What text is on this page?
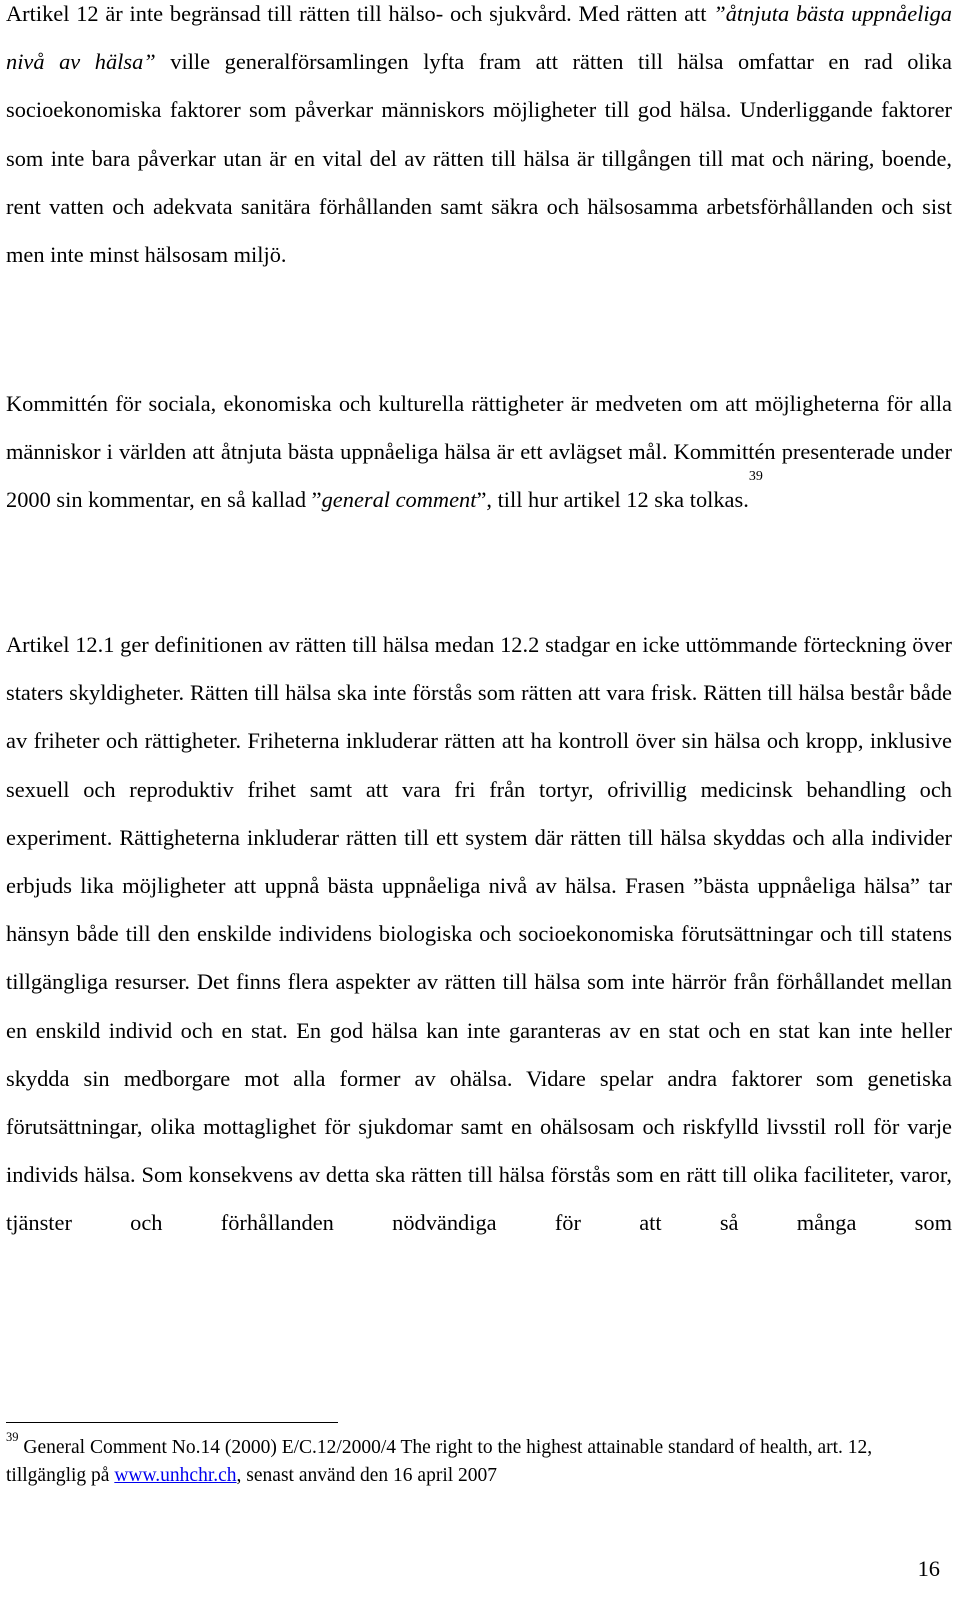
Artikel 12 är inte begränsad till rätten till hälso- och sjukvård. Med rätten att ”åtnjuta bästa uppnåeliga nivå av hälsa” ville generalförsamlingen lyfta fram att rätten till hälsa omfattar en rad olika socioekonomiska faktorer som påverkar människors möjligheter till god hälsa. Underliggande faktorer som inte bara påverkar utan är en vital del av rätten till hälsa är tillgången till mat och näring, boende, rent vatten och adekvata sanitära förhållanden samt säkra och hälsosamma arbetsförhållanden och sist men inte minst hälsosam miljö.

Kommittén för sociala, ekonomiska och kulturella rättigheter är medveten om att möjligheterna för alla människor i världen att åtnjuta bästa uppnåeliga hälsa är ett avlägset mål. Kommittén presenterade under 2000 sin kommentar, en så kallad ”general comment”, till hur artikel 12 ska tolkas.$^{39}$

Artikel 12.1 ger definitionen av rätten till hälsa medan 12.2 stadgar en icke uttömmande förteckning över staters skyldigheter. Rätten till hälsa ska inte förstås som rätten att vara frisk. Rätten till hälsa består både av friheter och rättigheter. Friheterna inkluderar rätten att ha kontroll över sin hälsa och kropp, inklusive sexuell och reproduktiv frihet samt att vara fri från tortyr, ofrivillig medicinsk behandling och experiment. Rättigheterna inkluderar rätten till ett system där rätten till hälsa skyddas och alla individer erbjuds lika möjligheter att uppnå bästa uppnåeliga nivå av hälsa. Frasen ”bästa uppnåeliga hälsa” tar hänsyn både till den enskilde individens biologiska och socioekonomiska förutsättningar och till statens tillgängliga resurser. Det finns flera aspekter av rätten till hälsa som inte härrör från förhållandet mellan en enskild individ och en stat. En god hälsa kan inte garanteras av en stat och en stat kan inte heller skydda sin medborgare mot alla former av ohälsa. Vidare spelar andra faktorer som genetiska förutsättningar, olika mottaglighet för sjukdomar samt en ohälsosam och riskfylld livsstil roll för varje individs hälsa. Som konsekvens av detta ska rätten till hälsa förstås som en rätt till olika faciliteter, varor, tjänster och förhållanden nödvändiga för att så många som

$^{39}$ General Comment No.14 (2000) E/C.12/2000/4 The right to the highest attainable standard of health, art. 12, tillgänglig på www.unhchr.ch, senast använd den 16 april 2007

16
